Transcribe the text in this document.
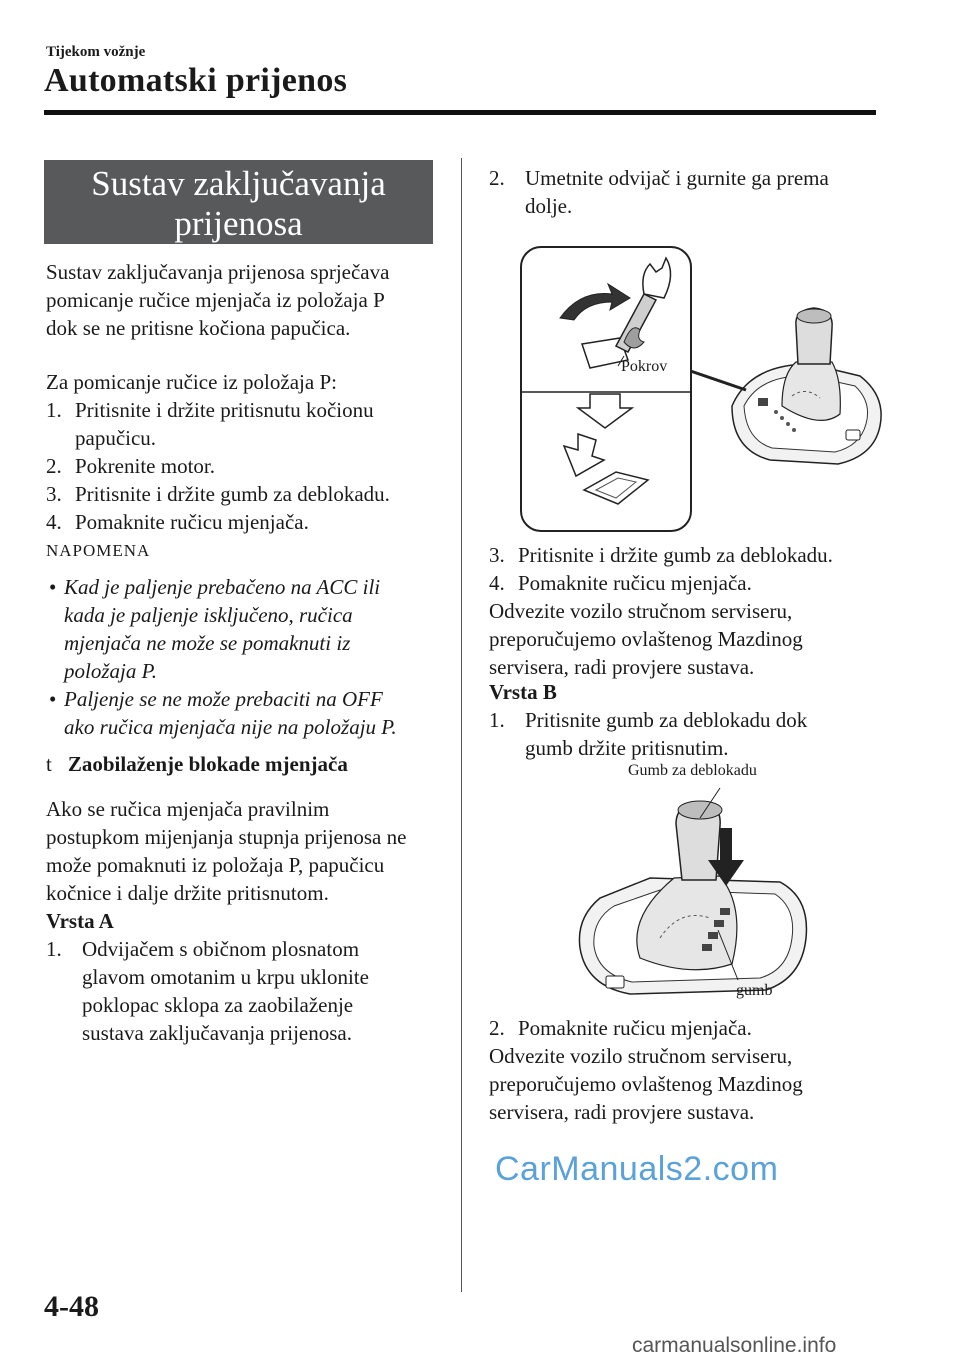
Tijekom vožnje
Automatski prijenos
Sustav zaključavanja
prijenosa
Sustav zaključavanja prijenosa sprječava
pomicanje ručice mjenjača iz položaja P
dok se ne pritisne kočiona papučica.
Za pomicanje ručice iz položaja P:
1. Pritisnite i držite pritisnutu kočionu
papučicu.
2. Pokrenite motor.
3. Pritisnite i držite gumb za deblokadu.
4. Pomaknite ručicu mjenjača.
NAPOMENA
• Kad je paljenje prebačeno na ACC ili
kada je paljenje isključeno, ručica
mjenjača ne može se pomaknuti iz
položaja P.
• Paljenje se ne može prebaciti na OFF
ako ručica mjenjača nije na položaju P.
t Zaobilaženje blokade mjenjača
Ako se ručica mjenjača pravilnim
postupkom mijenjanja stupnja prijenosa ne
može pomaknuti iz položaja P, papučicu
kočnice i dalje držite pritisnutom.
Vrsta A
1. Odvijačem s običnom plosnatom
glavom omotanim u krpu uklonite
poklopac sklopa za zaobilaženje
sustava zaključavanja prijenosa.
2. Umetnite odvijač i gurnite ga prema
dolje.
Pokrov
3. Pritisnite i držite gumb za deblokadu.
4. Pomaknite ručicu mjenjača.
Odvezite vozilo stručnom serviseru,
preporučujemo ovlaštenog Mazdinog
servisera, radi provjere sustava.
Vrsta B
1. Pritisnite gumb za deblokadu dok
gumb držite pritisnutim.
Gumb za deblokadu
gumb
2. Pomaknite ručicu mjenjača.
Odvezite vozilo stručnom serviseru,
preporučujemo ovlaštenog Mazdinog
servisera, radi provjere sustava.
CarManuals2.com
4-48
carmanualsonline.info
